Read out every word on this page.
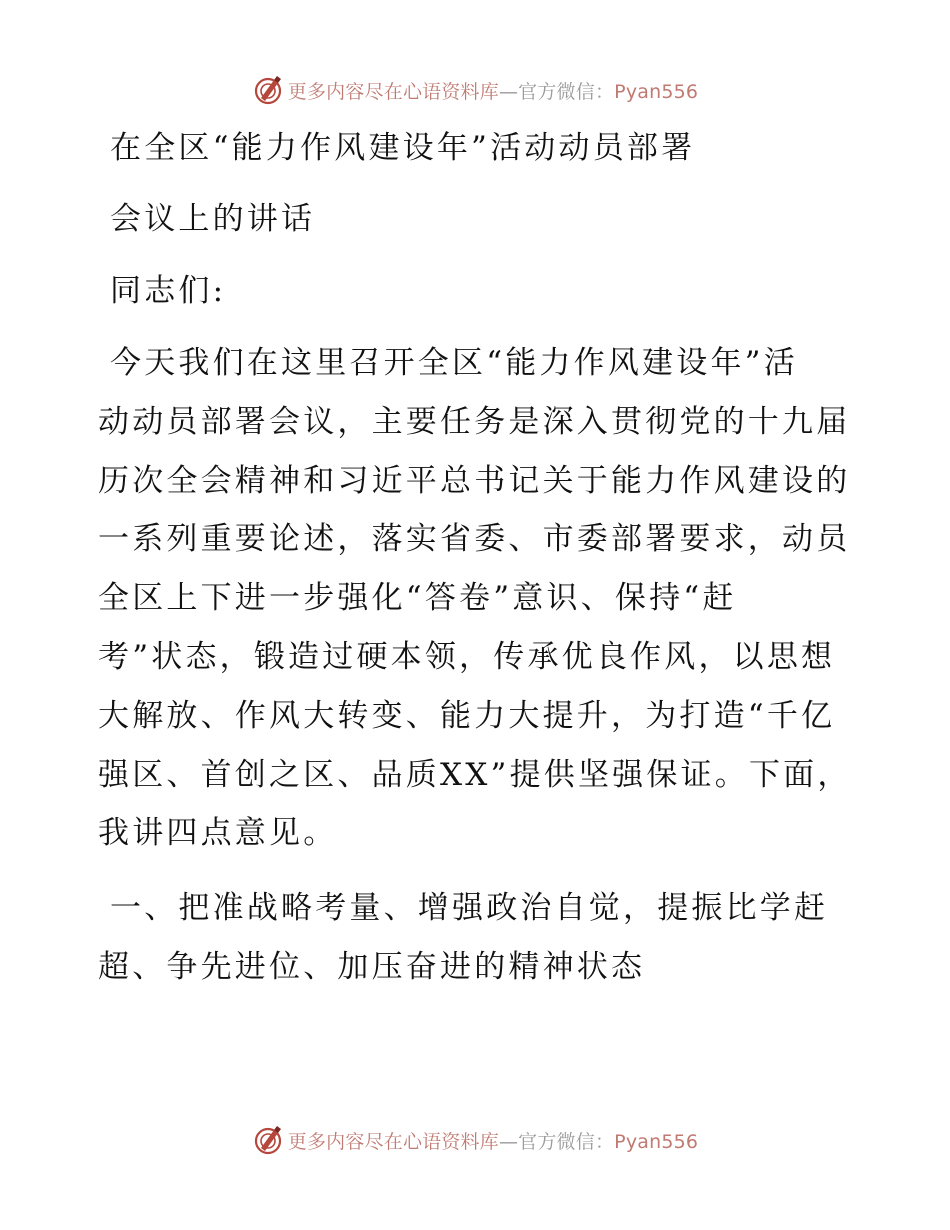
更多内容尽在心语资料库—官方微信：Pyan556
在全区“能力作风建设年”活动动员部署
会议上的讲话
同志们:
今天我们在这里召开全区“能力作风建设年”活
动动员部署会议，主要任务是深入贯彻党的十九届
历次全会精神和习近平总书记关于能力作风建设的
一系列重要论述，落实省委、市委部署要求，动员
全区上下进一步强化“答卷”意识、保持“赶
考”状态，锻造过硬本领，传承优良作风，以思想
大解放、作风大转变、能力大提升，为打造“千亿
强区、首创之区、品质XX”提供坚强保证。下面，
我讲四点意见。
一、把准战略考量、增强政治自觉，提振比学赶
超、争先进位、加压奋进的精神状态
更多内容尽在心语资料库—官方微信：Pyan556
